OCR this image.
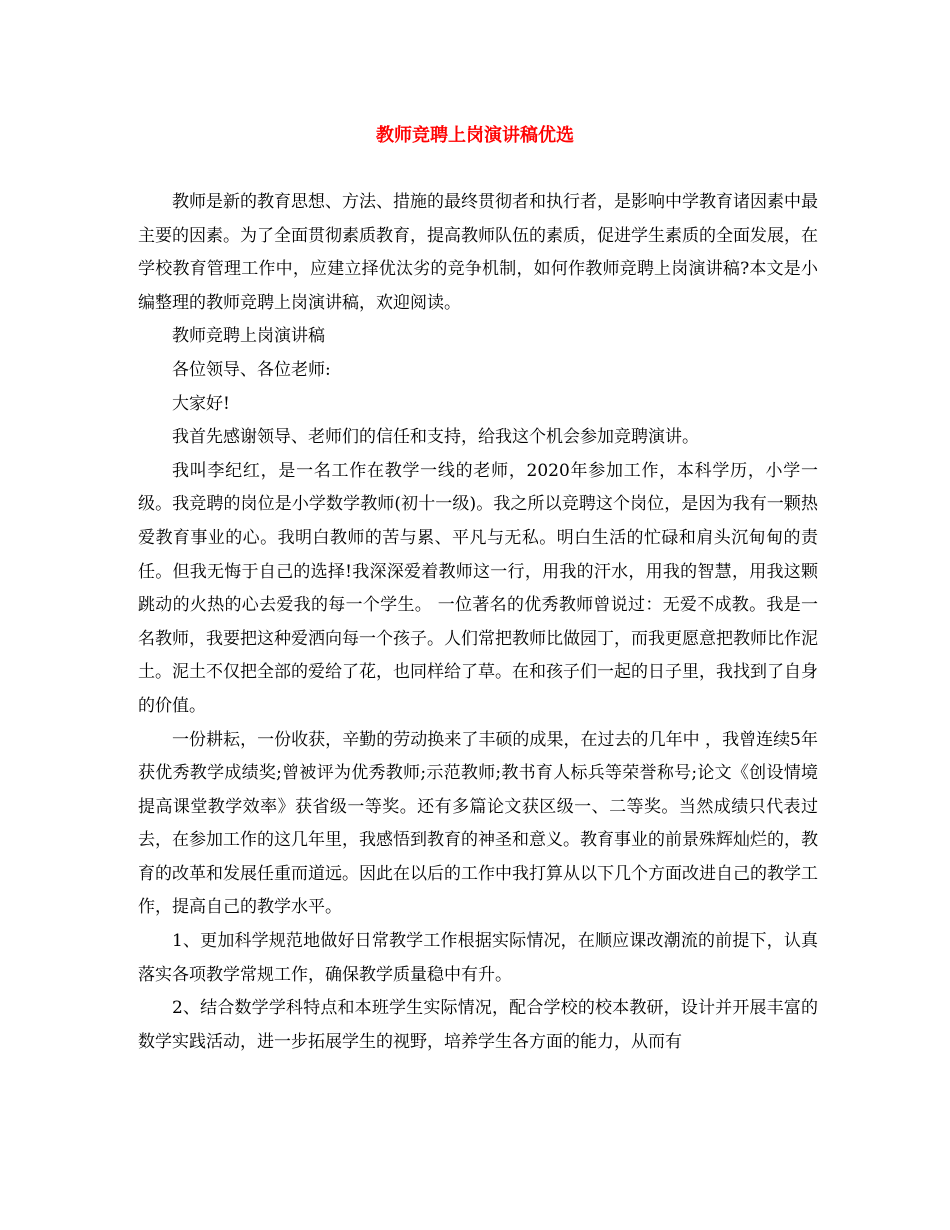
教师竞聘上岗演讲稿优选

教师是新的教育思想、方法、措施的最终贯彻者和执行者，是影响中学教育诸因素中最主要的因素。为了全面贯彻素质教育，提高教师队伍的素质，促进学生素质的全面发展，在学校教育管理工作中，应建立择优汰劣的竞争机制，如何作教师竞聘上岗演讲稿?本文是小编整理的教师竞聘上岗演讲稿，欢迎阅读。

教师竞聘上岗演讲稿

各位领导、各位老师:

大家好!

我首先感谢领导、老师们的信任和支持，给我这个机会参加竞聘演讲。

我叫李纪红，是一名工作在教学一线的老师，2020年参加工作，本科学历，小学一级。我竞聘的岗位是小学数学教师(初十一级)。我之所以竞聘这个岗位，是因为我有一颗热爱教育事业的心。我明白教师的苦与累、平凡与无私。明白生活的忙碌和肩头沉甸甸的责任。但我无悔于自己的选择!我深深爱着教师这一行，用我的汗水，用我的智慧，用我这颗跳动的火热的心去爱我的每一个学生。 一位著名的优秀教师曾说过：无爱不成教。我是一名教师，我要把这种爱洒向每一个孩子。人们常把教师比做园丁，而我更愿意把教师比作泥土。泥土不仅把全部的爱给了花，也同样给了草。在和孩子们一起的日子里，我找到了自身的价值。

一份耕耘，一份收获，辛勤的劳动换来了丰硕的成果，在过去的几年中 ，我曾连续5年获优秀教学成绩奖;曾被评为优秀教师;示范教师;教书育人标兵等荣誉称号;论文《创设情境 提高课堂教学效率》获省级一等奖。还有多篇论文获区级一、二等奖。当然成绩只代表过去，在参加工作的这几年里，我感悟到教育的神圣和意义。教育事业的前景殊辉灿烂的，教育的改革和发展任重而道远。因此在以后的工作中我打算从以下几个方面改进自己的教学工作，提高自己的教学水平。

1、更加科学规范地做好日常教学工作根据实际情况，在顺应课改潮流的前提下，认真落实各项教学常规工作，确保教学质量稳中有升。

2、结合数学学科特点和本班学生实际情况，配合学校的校本教研，设计并开展丰富的数学实践活动，进一步拓展学生的视野，培养学生各方面的能力，从而有
